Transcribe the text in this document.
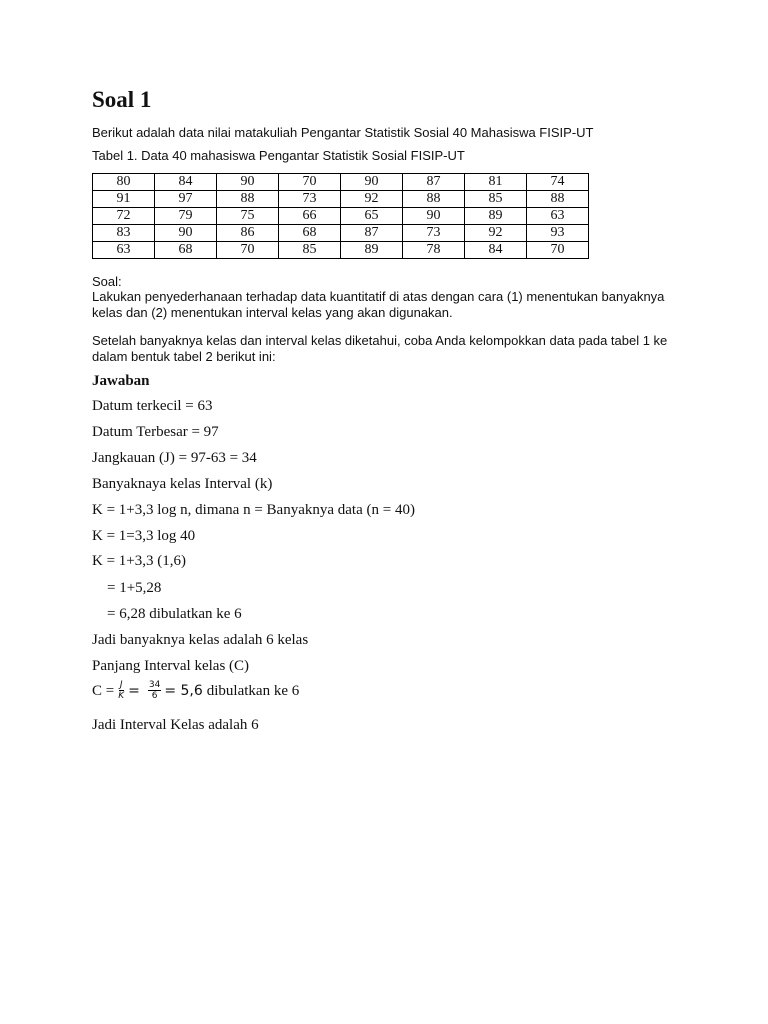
Soal 1

Berikut adalah data nilai matakuliah Pengantar Statistik Sosial 40 Mahasiswa FISIP-UT

Tabel 1. Data 40 mahasiswa Pengantar Statistik Sosial FISIP-UT

80	84	90	70	90	87	81	74
91	97	88	73	92	88	85	88
72	79	75	66	65	90	89	63
83	90	86	68	87	73	92	93
63	68	70	85	89	78	84	70

Soal:

Lakukan penyederhanaan terhadap data kuantitatif di atas dengan cara (1) menentukan banyaknya kelas dan (2) menentukan interval kelas yang akan digunakan.

Setelah banyaknya kelas dan interval kelas diketahui, coba Anda kelompokkan data pada tabel 1 ke dalam bentuk tabel 2 berikut ini:

Jawaban

Datum terkecil = 63

Datum Terbesar = 97

Jangkauan (J) = 97-63 = 34

Banyaknaya kelas Interval (k)

K = 1+3,3 log n, dimana n = Banyaknya data (n = 40)

K = 1=3,3 log 40

K = 1+3,3 (1,6)

= 1+5,28

= 6,28 dibulatkan ke 6

Jadi banyaknya kelas adalah 6 kelas

Panjang Interval kelas (C)

$C = \frac{J}{K} = \frac{34}{6} = 5,6$ dibulatkan ke 6

Jadi Interval Kelas adalah 6
